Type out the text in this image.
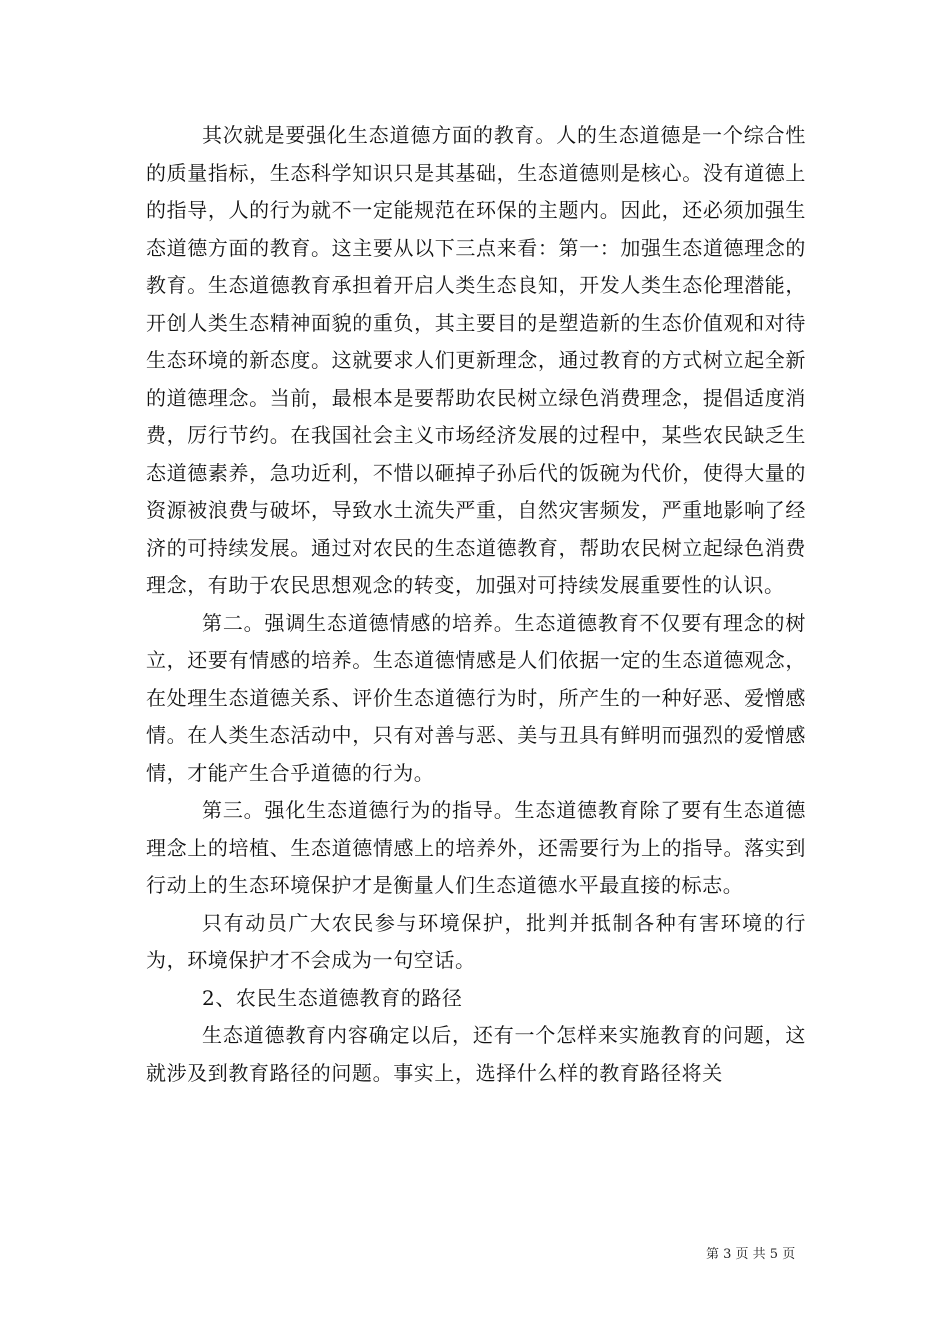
其次就是要强化生态道德方面的教育。人的生态道德是一个综合性的质量指标，生态科学知识只是其基础，生态道德则是核心。没有道德上的指导，人的行为就不一定能规范在环保的主题内。因此，还必须加强生态道德方面的教育。这主要从以下三点来看：第一：加强生态道德理念的教育。生态道德教育承担着开启人类生态良知，开发人类生态伦理潜能，开创人类生态精神面貌的重负，其主要目的是塑造新的生态价值观和对待生态环境的新态度。这就要求人们更新理念，通过教育的方式树立起全新的道德理念。当前，最根本是要帮助农民树立绿色消费理念，提倡适度消费，厉行节约。在我国社会主义市场经济发展的过程中，某些农民缺乏生态道德素养，急功近利，不惜以砸掉子孙后代的饭碗为代价，使得大量的资源被浪费与破坏，导致水土流失严重，自然灾害频发，严重地影响了经济的可持续发展。通过对农民的生态道德教育，帮助农民树立起绿色消费理念，有助于农民思想观念的转变，加强对可持续发展重要性的认识。

第二。强调生态道德情感的培养。生态道德教育不仅要有理念的树立，还要有情感的培养。生态道德情感是人们依据一定的生态道德观念，在处理生态道德关系、评价生态道德行为时，所产生的一种好恶、爱憎感情。在人类生态活动中，只有对善与恶、美与丑具有鲜明而强烈的爱憎感情，才能产生合乎道德的行为。

第三。强化生态道德行为的指导。生态道德教育除了要有生态道德理念上的培植、生态道德情感上的培养外，还需要行为上的指导。落实到行动上的生态环境保护才是衡量人们生态道德水平最直接的标志。

只有动员广大农民参与环境保护，批判并抵制各种有害环境的行为，环境保护才不会成为一句空话。

2、农民生态道德教育的路径

生态道德教育内容确定以后，还有一个怎样来实施教育的问题，这就涉及到教育路径的问题。事实上，选择什么样的教育路径将关

第 3 页 共 5 页
